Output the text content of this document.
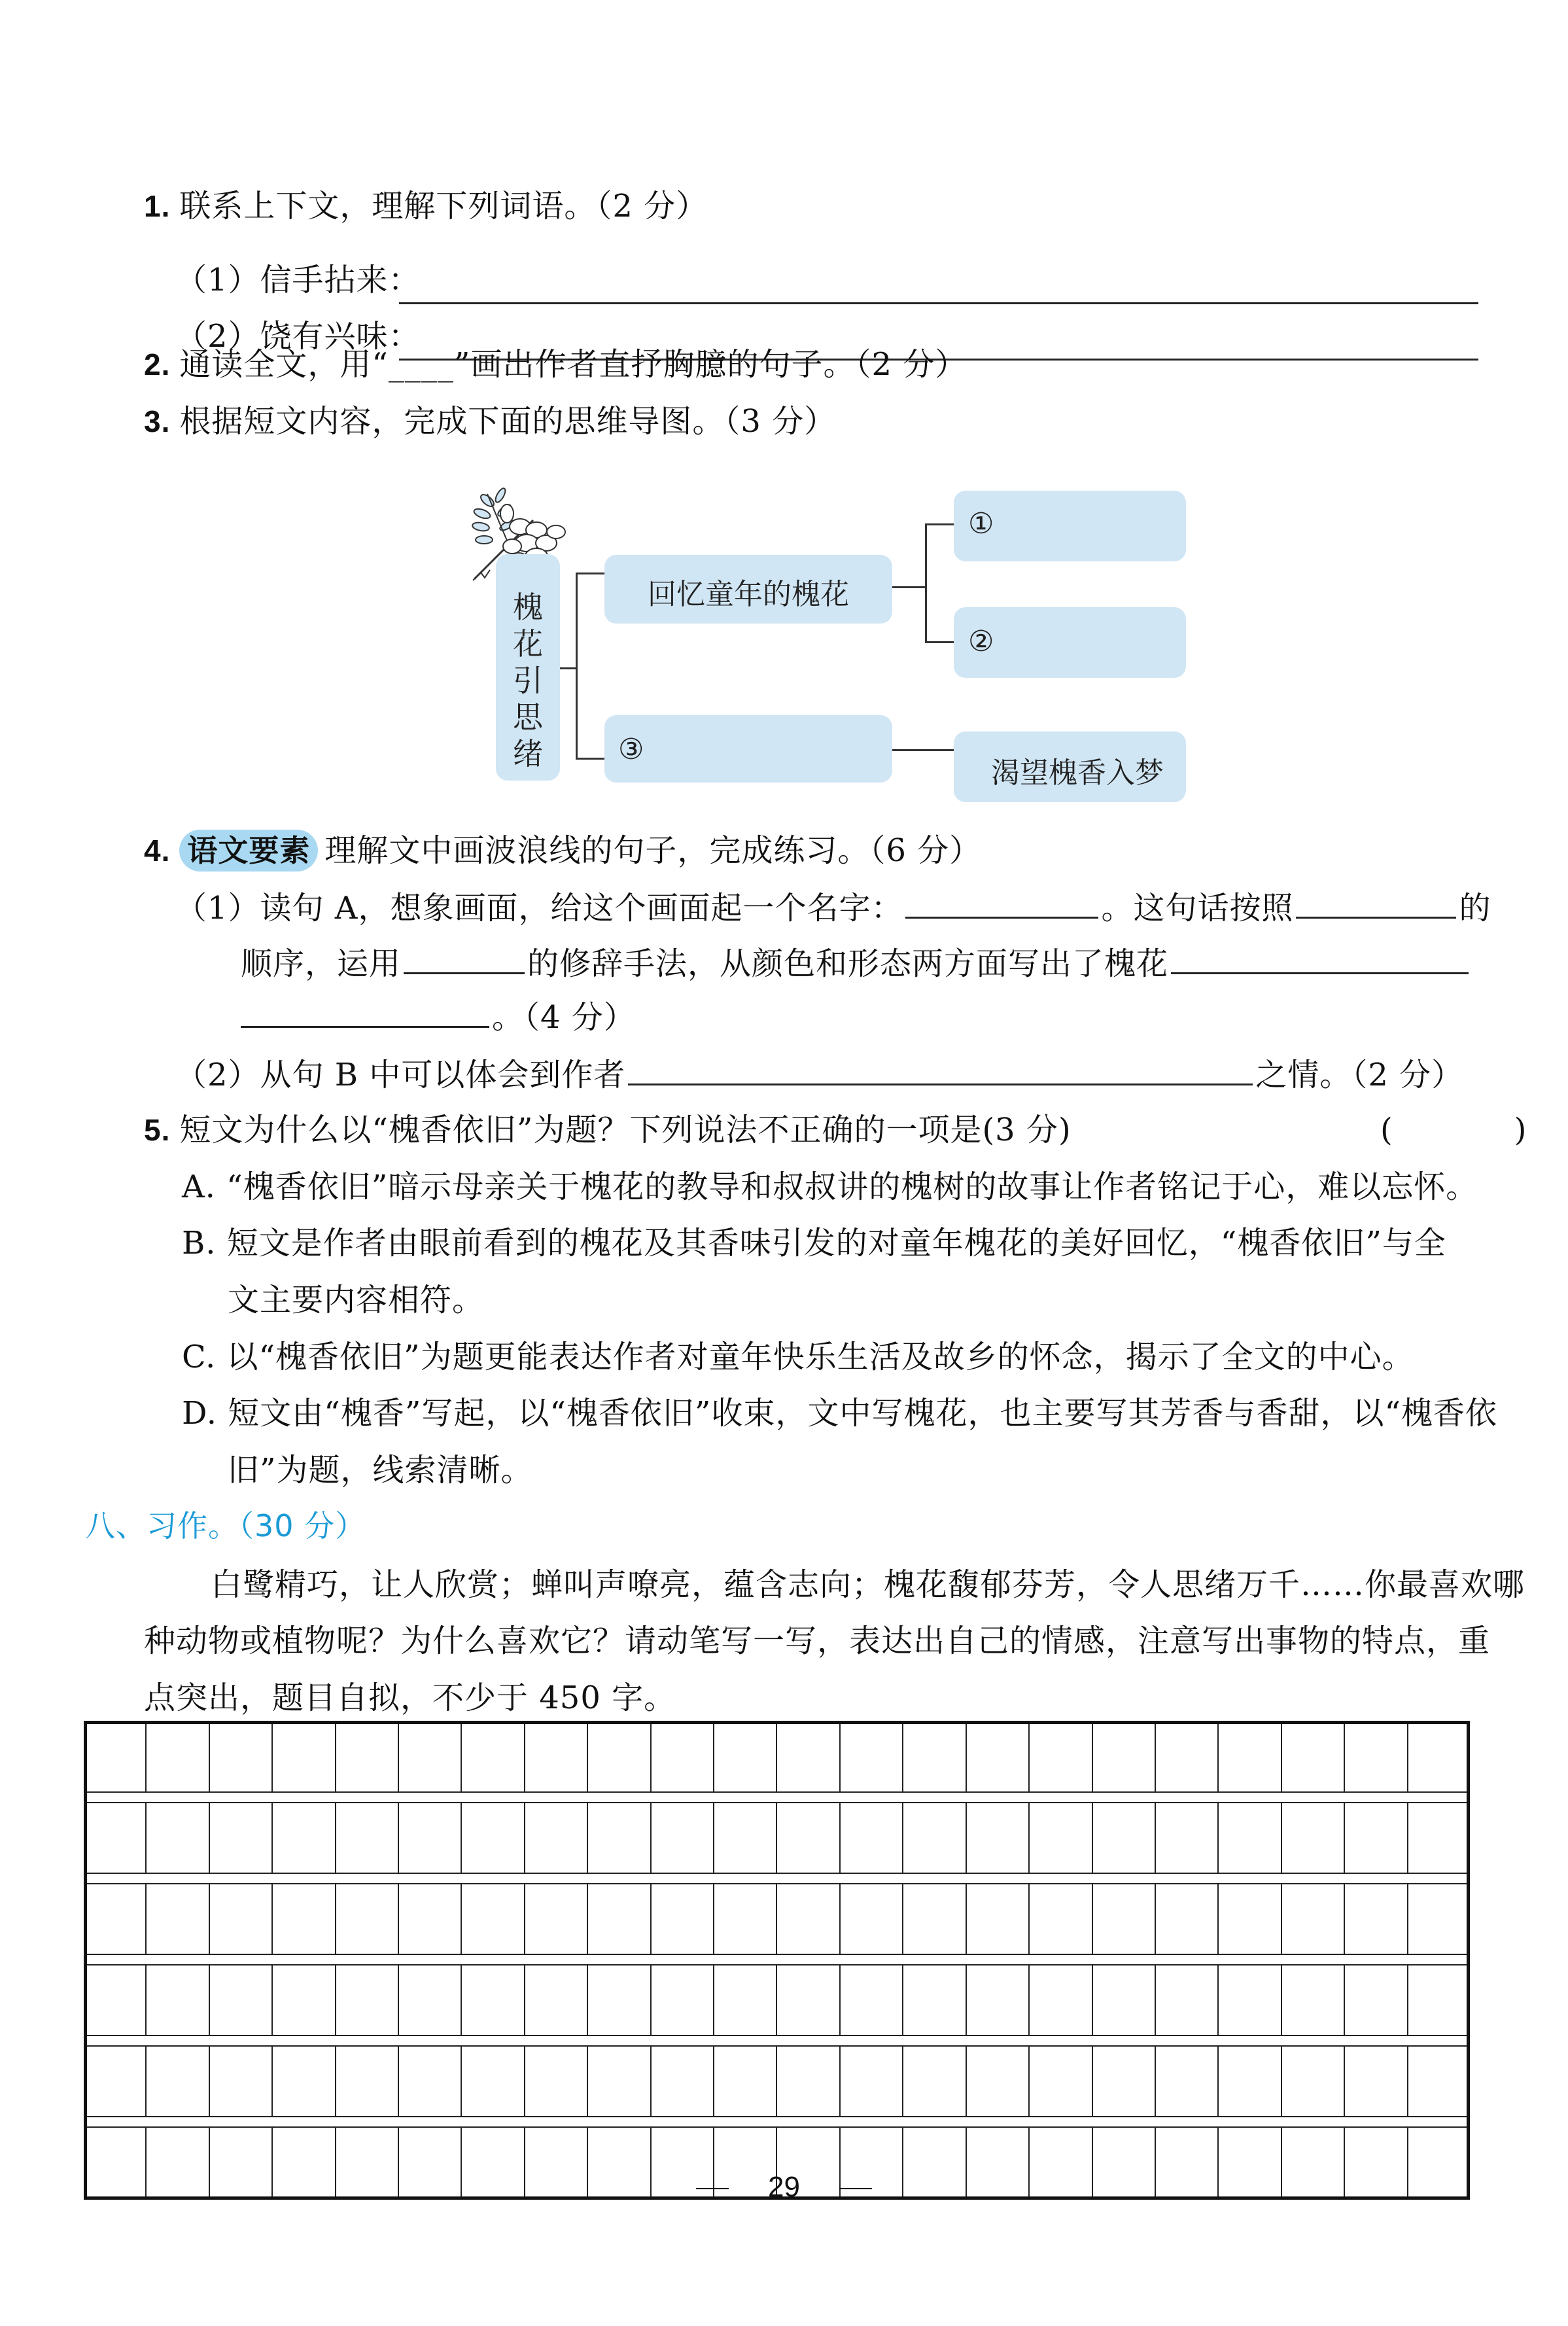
1. 联系上下文，理解下列词语。（2 分）
（1）信手拈来：
（2）饶有兴味：
2. 通读全文，用“____”画出作者直抒胸臆的句子。（2 分）
3. 根据短文内容，完成下面的思维导图。（3 分）
槐花引思绪
回忆童年的槐花
①
②
③
渴望槐香入梦
4. 语文要素 理解文中画波浪线的句子，完成练习。（6 分）
（1）读句 A，想象画面，给这个画面起一个名字：	。这句话按照	的
顺序，运用	的修辞手法，从颜色和形态两方面写出了槐花
。（4 分）
（2）从句 B 中可以体会到作者	之情。（2 分）
5. 短文为什么以“槐香依旧”为题？下列说法不正确的一项是(3 分)	(　　)
A. “槐香依旧”暗示母亲关于槐花的教导和叔叔讲的槐树的故事让作者铭记于心，难以忘怀。
B. 短文是作者由眼前看到的槐花及其香味引发的对童年槐花的美好回忆，“槐香依旧”与全
文主要内容相符。
C. 以“槐香依旧”为题更能表达作者对童年快乐生活及故乡的怀念，揭示了全文的中心。
D. 短文由“槐香”写起，以“槐香依旧”收束，文中写槐花，也主要写其芳香与香甜，以“槐香依
旧”为题，线索清晰。
八、习作。（30 分）
白鹭精巧，让人欣赏；蝉叫声嘹亮，蕴含志向；槐花馥郁芬芳，令人思绪万千……你最喜欢哪
种动物或植物呢？为什么喜欢它？请动笔写一写，表达出自己的情感，注意写出事物的特点，重
点突出，题目自拟，不少于 450 字。
29
